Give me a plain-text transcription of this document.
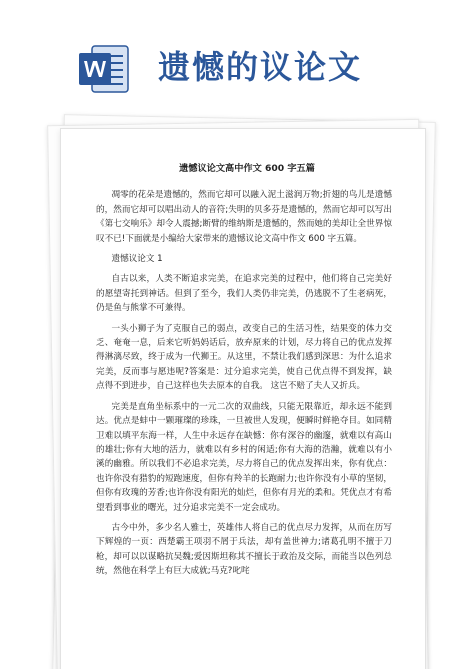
遗憾的议论文
遗憾议论文高中作文 600 字五篇

凋零的花朵是遗憾的，然而它却可以融入泥土滋润万物;折翅的鸟儿是遗憾的，然而它却可以唱出动人的音符;失明的贝多芬是遗憾的，然而它却可以写出《第七交响乐》却令人震撼;断臂的维纳斯是遗憾的，然而她的美却让全世界惊叹不已!下面就是小编给大家带来的遗憾议论文高中作文 600 字五篇。

遗憾议论文 1

自古以来，人类不断追求完美，在追求完美的过程中，他们将自己完美好的愿望寄托到神话。但到了至今，我们人类仍非完美，仍逃脱不了生老病死，仍是鱼与熊掌不可兼得。

一头小狮子为了克服自己的弱点，改变自己的生活习性，结果变的体力交乏、奄奄一息，后来它听妈妈话后，放弃原来的计划，尽力将自己的优点发挥得淋漓尽致，终于成为一代狮王。从这里，不禁让我们感到深思：为什么追求完美，反而事与愿违呢?答案是：过分追求完美，使自己优点得不到发挥，缺点得不到进步，自己这样也失去原本的自我。 这岂不赔了夫人又折兵。

完美是直角坐标系中的一元二次的双曲线，只能无限靠近，却永远不能到达。优点是蚌中一颗璀璨的珍珠，一旦被世人发现，便瞬时鲜艳夺目。如同精卫难以填平东海一样，人生中永远存在缺憾：你有深谷的幽邃，就难以有高山的雄壮;你有大地的活力，就难以有乡村的闲适;你有大海的浩瀚，就难以有小溪的幽雅。所以我们不必追求完美，尽力将自己的优点发挥出来，你有优点：也许你没有猎豹的短跑速度，但你有羚羊的长跑耐力;也许你没有小草的坚韧，但你有玫瑰的芳香;也许你没有阳光的灿烂，但你有月光的柔和。凭优点才有希望看到事业的曙光，过分追求完美不一定会成功。

古今中外，多少名人雅士，英雄伟人将自己的优点尽力发挥，从而在历写下辉煌的一页：西楚霸王项羽不屑于兵法，却有盖世神力;诸葛孔明不擅于刀枪，却可以以谋略抗吴魏;爱因斯坦称其不擅长于政治及交际，而能当以色列总统，然他在科学上有巨大成就;马克?叱咤
